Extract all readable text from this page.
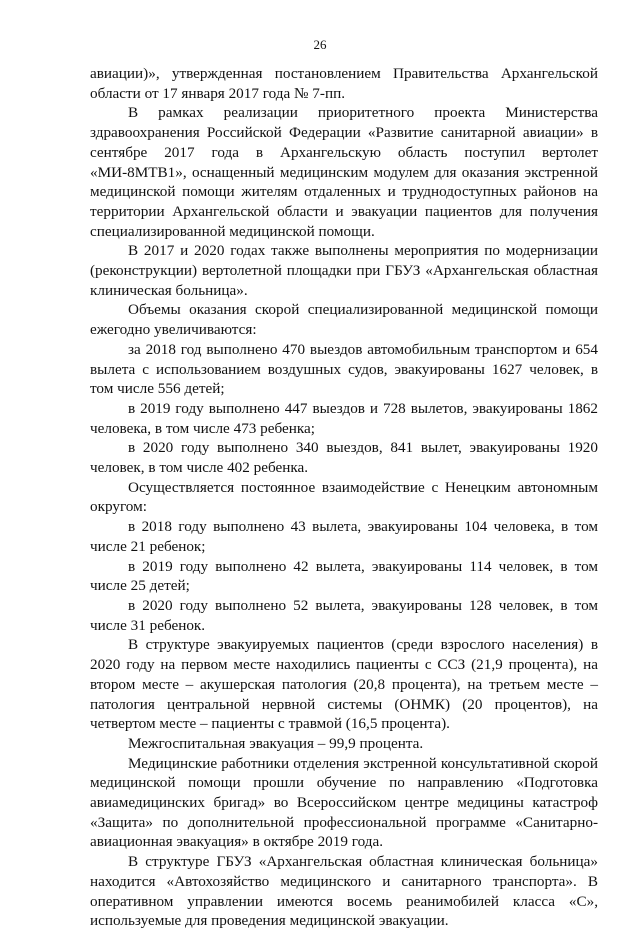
26

авиации)», утвержденная постановлением Правительства Архангельской области от 17 января 2017 года № 7-пп.

В рамках реализации приоритетного проекта Министерства здравоохранения Российской Федерации «Развитие санитарной авиации» в сентябре 2017 года в Архангельскую область поступил вертолет «МИ-8МТВ1», оснащенный медицинским модулем для оказания экстренной медицинской помощи жителям отдаленных и труднодоступных районов на территории Архангельской области и эвакуации пациентов для получения специализированной медицинской помощи.

В 2017 и 2020 годах также выполнены мероприятия по модернизации (реконструкции) вертолетной площадки при ГБУЗ «Архангельская областная клиническая больница».

Объемы оказания скорой специализированной медицинской помощи ежегодно увеличиваются:

за 2018 год выполнено 470 выездов автомобильным транспортом и 654 вылета с использованием воздушных судов, эвакуированы 1627 человек, в том числе 556 детей;

в 2019 году выполнено 447 выездов и 728 вылетов, эвакуированы 1862 человека, в том числе 473 ребенка;

в 2020 году выполнено 340 выездов, 841 вылет, эвакуированы 1920 человек, в том числе 402 ребенка.

Осуществляется постоянное взаимодействие с Ненецким автономным округом:

в 2018 году выполнено 43 вылета, эвакуированы 104 человека, в том числе 21 ребенок;

в 2019 году выполнено 42 вылета, эвакуированы 114 человек, в том числе 25 детей;

в 2020 году выполнено 52 вылета, эвакуированы 128 человек, в том числе 31 ребенок.

В структуре эвакуируемых пациентов (среди взрослого населения) в 2020 году на первом месте находились пациенты с ССЗ (21,9 процента), на втором месте – акушерская патология (20,8 процента), на третьем месте – патология центральной нервной системы (ОНМК) (20 процентов), на четвертом месте – пациенты с травмой (16,5 процента).

Межгоспитальная эвакуация – 99,9 процента.

Медицинские работники отделения экстренной консультативной скорой медицинской помощи прошли обучение по направлению «Подготовка авиамедицинских бригад» во Всероссийском центре медицины катастроф «Защита» по дополнительной профессиональной программе «Санитарно-авиационная эвакуация» в октябре 2019 года.

В структуре ГБУЗ «Архангельская областная клиническая больница» находится «Автохозяйство медицинского и санитарного транспорта». В оперативном управлении имеются восемь реанимобилей класса «С», используемые для проведения медицинской эвакуации.
